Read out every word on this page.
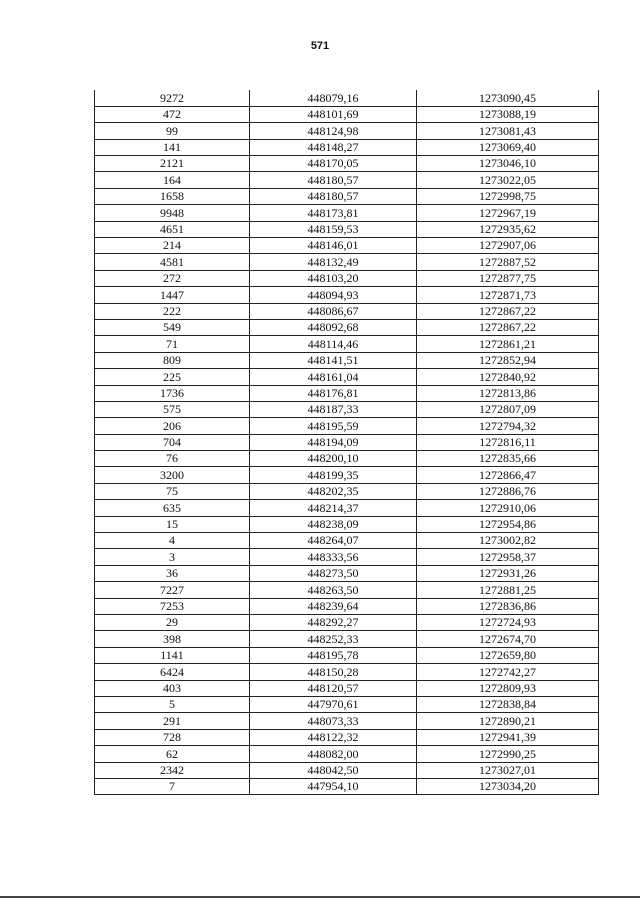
571
9272	448079,16	1273090,45
472	448101,69	1273088,19
99	448124,98	1273081,43
141	448148,27	1273069,40
2121	448170,05	1273046,10
164	448180,57	1273022,05
1658	448180,57	1272998,75
9948	448173,81	1272967,19
4651	448159,53	1272935,62
214	448146,01	1272907,06
4581	448132,49	1272887,52
272	448103,20	1272877,75
1447	448094,93	1272871,73
222	448086,67	1272867,22
549	448092,68	1272867,22
71	448114,46	1272861,21
809	448141,51	1272852,94
225	448161,04	1272840,92
1736	448176,81	1272813,86
575	448187,33	1272807,09
206	448195,59	1272794,32
704	448194,09	1272816,11
76	448200,10	1272835,66
3200	448199,35	1272866,47
75	448202,35	1272886,76
635	448214,37	1272910,06
15	448238,09	1272954,86
4	448264,07	1273002,82
3	448333,56	1272958,37
36	448273,50	1272931,26
7227	448263,50	1272881,25
7253	448239,64	1272836,86
29	448292,27	1272724,93
398	448252,33	1272674,70
1141	448195,78	1272659,80
6424	448150,28	1272742,27
403	448120,57	1272809,93
5	447970,61	1272838,84
291	448073,33	1272890,21
728	448122,32	1272941,39
62	448082,00	1272990,25
2342	448042,50	1273027,01
7	447954,10	1273034,20
